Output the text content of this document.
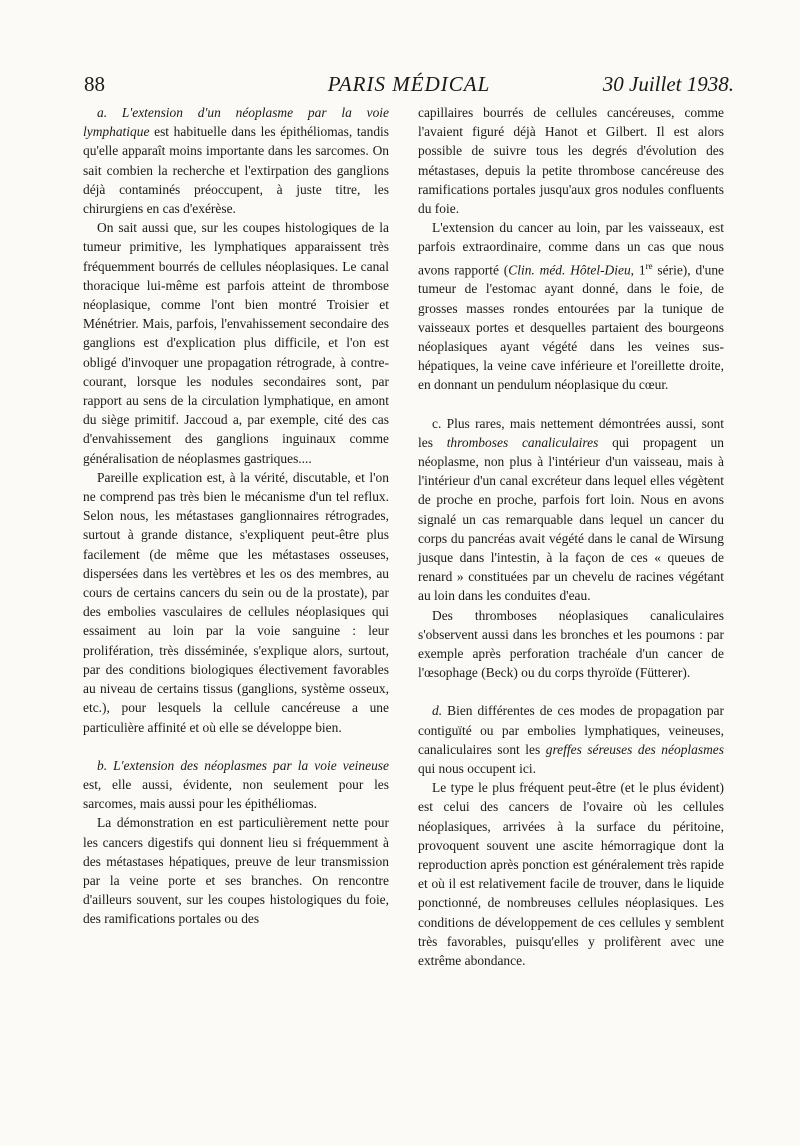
88	PARIS MÉDICAL	30 Juillet 1938.

a. L'extension d'un néoplasme par la voie lymphatique est habituelle dans les épithéliomas, tandis qu'elle apparaît moins importante dans les sarcomes. On sait combien la recherche et l'extirpation des ganglions déjà contaminés préoccupent, à juste titre, les chirurgiens en cas d'exérèse.

On sait aussi que, sur les coupes histologiques de la tumeur primitive, les lymphatiques apparaissent très fréquemment bourrés de cellules néoplasiques. Le canal thoracique lui-même est parfois atteint de thrombose néoplasique, comme l'ont bien montré Troisier et Ménétrier. Mais, parfois, l'envahissement secondaire des ganglions est d'explication plus difficile, et l'on est obligé d'invoquer une propagation rétrograde, à contre-courant, lorsque les nodules secondaires sont, par rapport au sens de la circulation lymphatique, en amont du siège primitif. Jaccoud a, par exemple, cité des cas d'envahissement des ganglions inguinaux comme généralisation de néoplasmes gastriques....

Pareille explication est, à la vérité, discutable, et l'on ne comprend pas très bien le mécanisme d'un tel reflux. Selon nous, les métastases ganglionnaires rétrogrades, surtout à grande distance, s'expliquent peut-être plus facilement (de même que les métastases osseuses, dispersées dans les vertèbres et les os des membres, au cours de certains cancers du sein ou de la prostate), par des embolies vasculaires de cellules néoplasiques qui essaiment au loin par la voie sanguine : leur prolifération, très disséminée, s'explique alors, surtout, par des conditions biologiques électivement favorables au niveau de certains tissus (ganglions, système osseux, etc.), pour lesquels la cellule cancéreuse a une particulière affinité et où elle se développe bien.

b. L'extension des néoplasmes par la voie veineuse est, elle aussi, évidente, non seulement pour les sarcomes, mais aussi pour les épithéliomas.

La démonstration en est particulièrement nette pour les cancers digestifs qui donnent lieu si fréquemment à des métastases hépatiques, preuve de leur transmission par la veine porte et ses branches. On rencontre d'ailleurs souvent, sur les coupes histologiques du foie, des ramifications portales ou des

capillaires bourrés de cellules cancéreuses, comme l'avaient figuré déjà Hanot et Gilbert. Il est alors possible de suivre tous les degrés d'évolution des métastases, depuis la petite thrombose cancéreuse des ramifications portales jusqu'aux gros nodules confluents du foie.

L'extension du cancer au loin, par les vaisseaux, est parfois extraordinaire, comme dans un cas que nous avons rapporté (Clin. méd. Hôtel-Dieu, 1re série), d'une tumeur de l'estomac ayant donné, dans le foie, de grosses masses rondes entourées par la tunique de vaisseaux portes et desquelles partaient des bourgeons néoplasiques ayant végété dans les veines sus-hépatiques, la veine cave inférieure et l'oreillette droite, en donnant un pendulum néoplasique du cœur.

c. Plus rares, mais nettement démontrées aussi, sont les thromboses canaliculaires qui propagent un néoplasme, non plus à l'intérieur d'un vaisseau, mais à l'intérieur d'un canal excréteur dans lequel elles végètent de proche en proche, parfois fort loin. Nous en avons signalé un cas remarquable dans lequel un cancer du corps du pancréas avait végété dans le canal de Wirsung jusque dans l'intestin, à la façon de ces « queues de renard » constituées par un chevelu de racines végétant au loin dans les conduites d'eau.

Des thromboses néoplasiques canaliculaires s'observent aussi dans les bronches et les poumons : par exemple après perforation trachéale d'un cancer de l'œsophage (Beck) ou du corps thyroïde (Fütterer).

d. Bien différentes de ces modes de propagation par contiguïté ou par embolies lymphatiques, veineuses, canaliculaires sont les greffes séreuses des néoplasmes qui nous occupent ici.

Le type le plus fréquent peut-être (et le plus évident) est celui des cancers de l'ovaire où les cellules néoplasiques, arrivées à la surface du péritoine, provoquent souvent une ascite hémorragique dont la reproduction après ponction est généralement très rapide et où il est relativement facile de trouver, dans le liquide ponctionné, de nombreuses cellules néoplasiques. Les conditions de développement de ces cellules y semblent très favorables, puisqu'elles y prolifèrent avec une extrême abondance.
